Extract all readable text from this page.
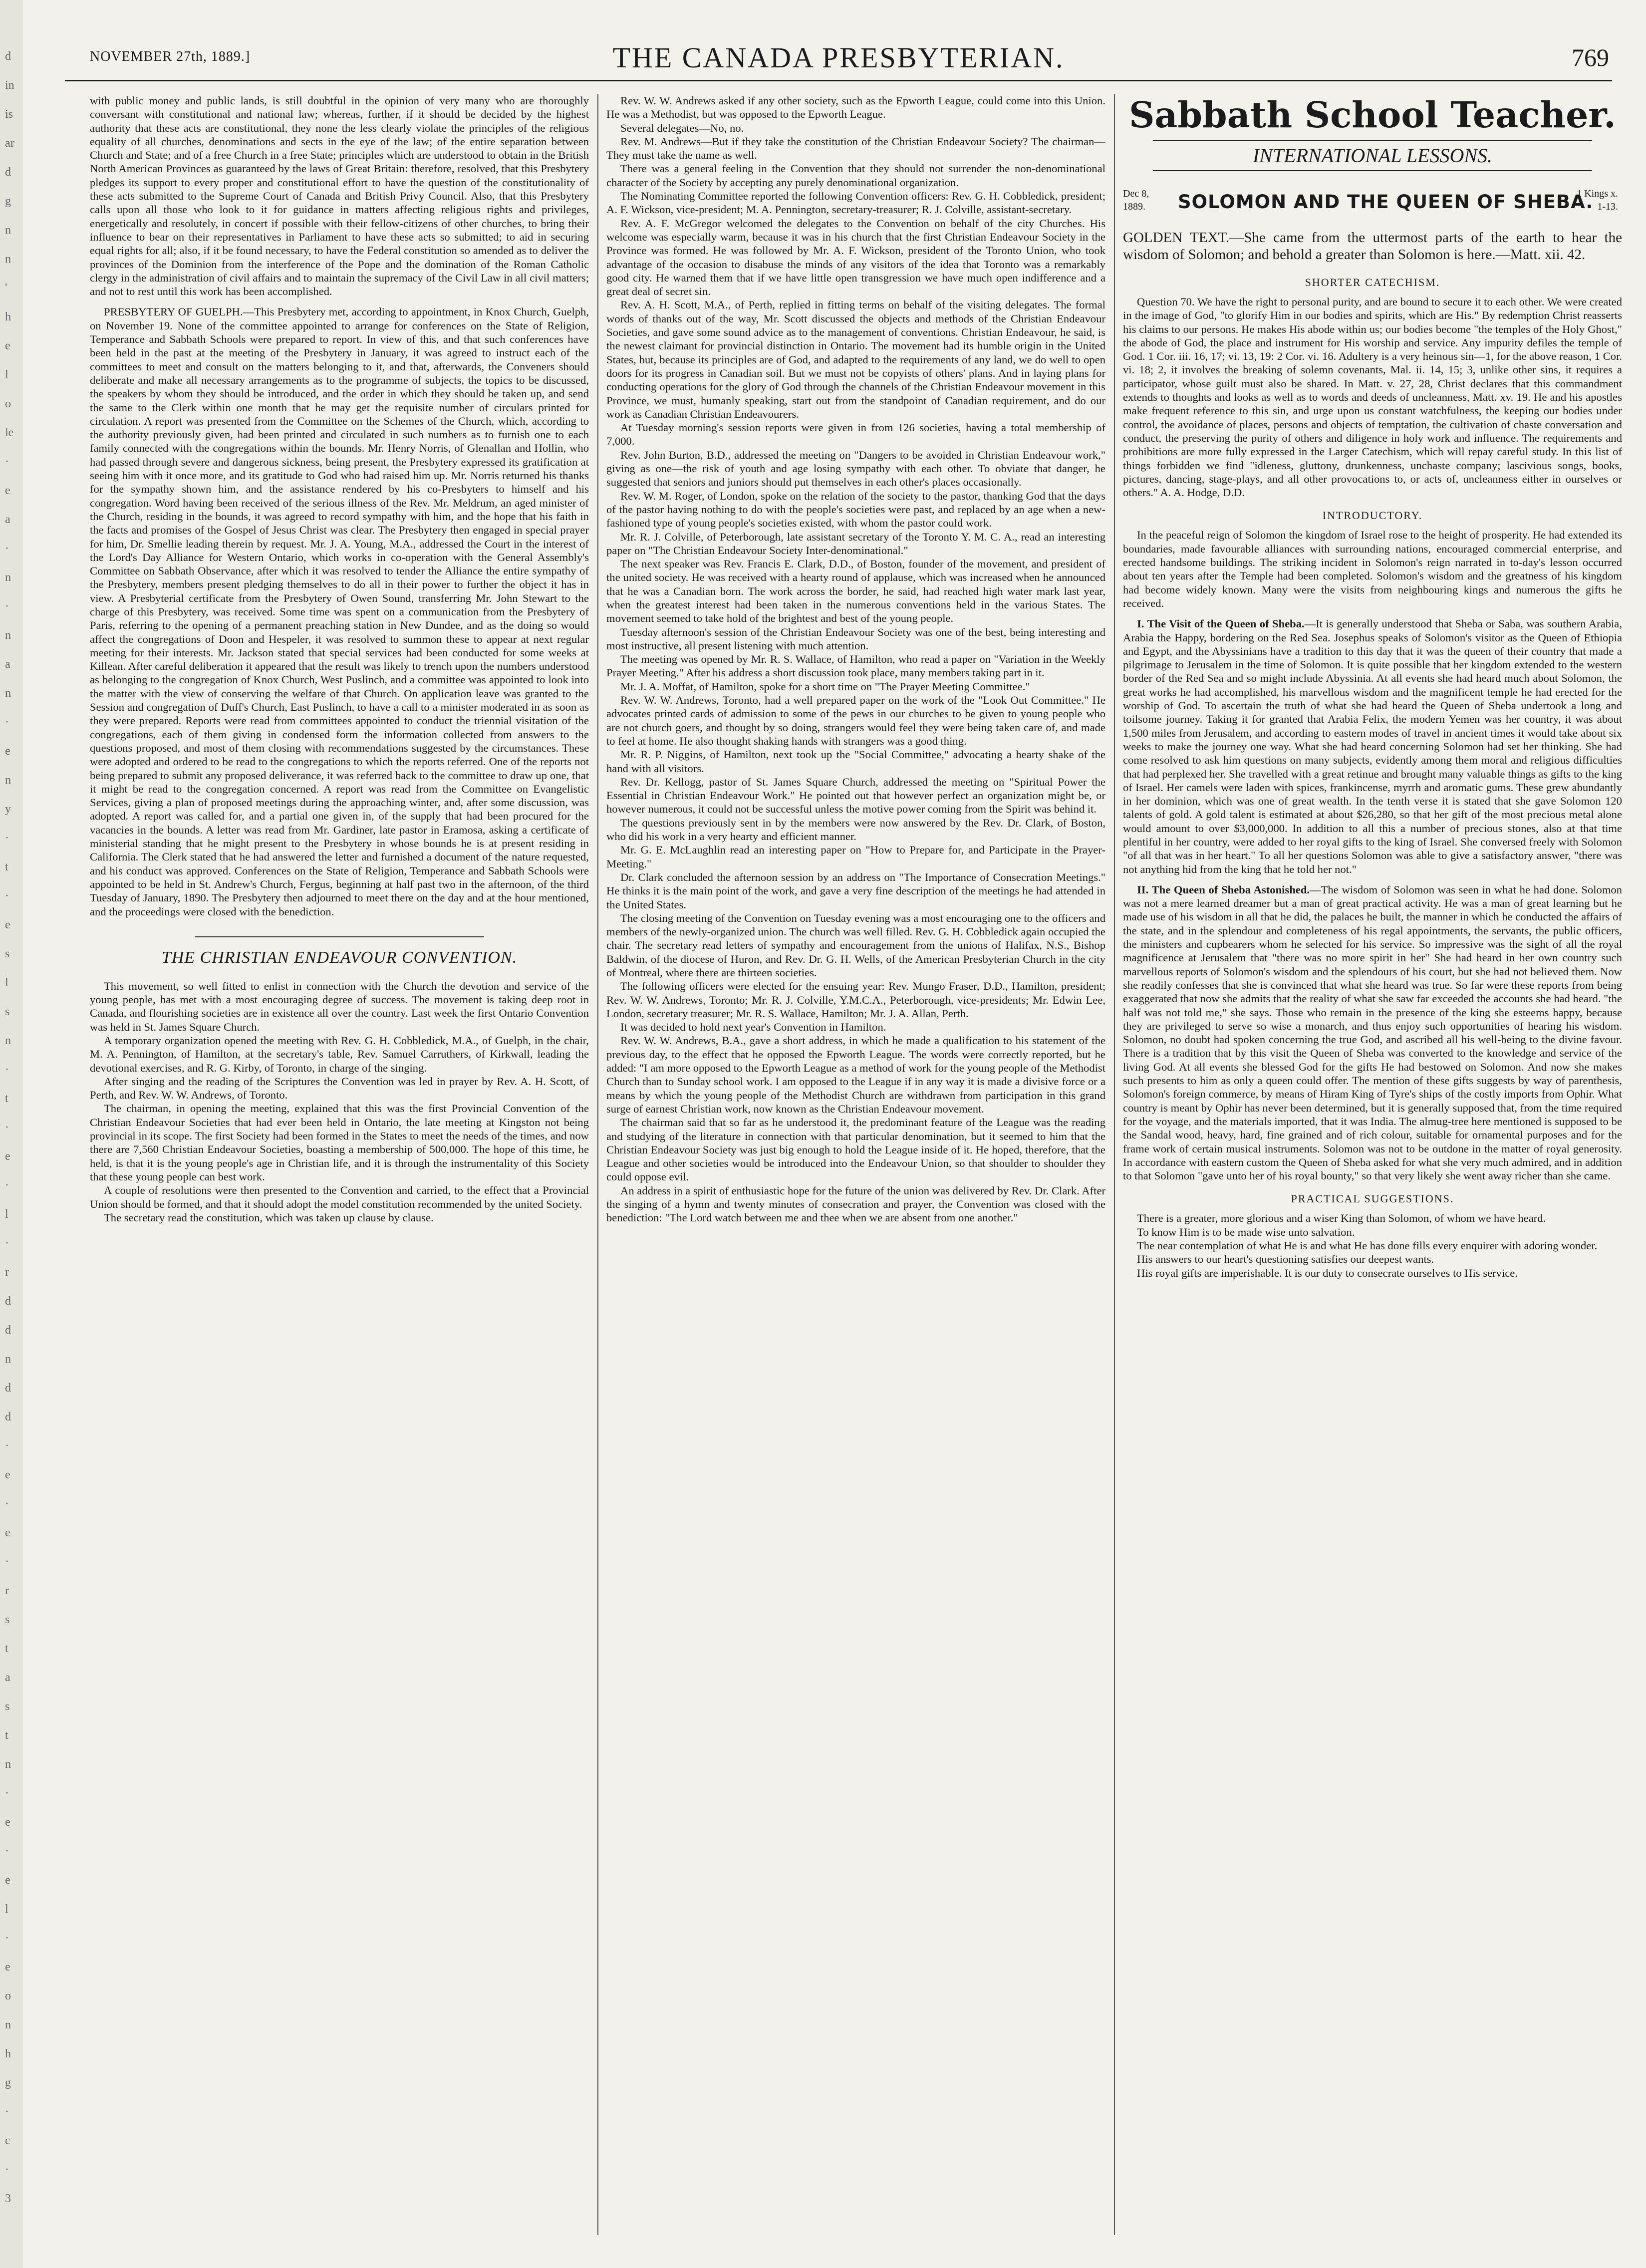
d
in
is
ar
d
g
n
n
'
h
e
l
o
le
·
e
a
·
n
·
n
a
n
·
e
n
y
·
t
·
e
s
l
s
n
·
t
·
e
·
l
·
r
d
d
n
d
d
·
e
·
e
·
r
s
t
a
s
t
n
·
e
·
e
l
·
e
o
n
h
g
·
c
·
3
NOVEMBER 27th, 1889.]	THE CANADA PRESBYTERIAN.	769

with public money and public lands, is still doubtful in the opinion of very many who are thoroughly conversant with constitutional and national law; whereas, further, if it should be decided by the highest authority that these acts are constitutional, they none the less clearly violate the principles of the religious equality of all churches, denominations and sects in the eye of the law; of the entire separation between Church and State; and of a free Church in a free State; principles which are understood to obtain in the British North American Provinces as guaranteed by the laws of Great Britain: therefore, resolved, that this Presbytery pledges its support to every proper and constitutional effort to have the question of the constitutionality of these acts submitted to the Supreme Court of Canada and British Privy Council. Also, that this Presbytery calls upon all those who look to it for guidance in matters affecting religious rights and privileges, energetically and resolutely, in concert if possible with their fellow-citizens of other churches, to bring their influence to bear on their representatives in Parliament to have these acts so submitted; to aid in securing equal rights for all; also, if it be found necessary, to have the Federal constitution so amended as to deliver the provinces of the Dominion from the interference of the Pope and the domination of the Roman Catholic clergy in the administration of civil affairs and to maintain the supremacy of the Civil Law in all civil matters; and not to rest until this work has been accomplished.

PRESBYTERY OF GUELPH.—This Presbytery met, according to appointment, in Knox Church, Guelph, on November 19. None of the committee appointed to arrange for conferences on the State of Religion, Temperance and Sabbath Schools were prepared to report. In view of this, and that such conferences have been held in the past at the meeting of the Presbytery in January, it was agreed to instruct each of the committees to meet and consult on the matters belonging to it, and that, afterwards, the Conveners should deliberate and make all necessary arrangements as to the programme of subjects, the topics to be discussed, the speakers by whom they should be introduced, and the order in which they should be taken up, and send the same to the Clerk within one month that he may get the requisite number of circulars printed for circulation. A report was presented from the Committee on the Schemes of the Church, which, according to the authority previously given, had been printed and circulated in such numbers as to furnish one to each family connected with the congregations within the bounds. Mr. Henry Norris, of Glenallan and Hollin, who had passed through severe and dangerous sickness, being present, the Presbytery expressed its gratification at seeing him with it once more, and its gratitude to God who had raised him up. Mr. Norris returned his thanks for the sympathy shown him, and the assistance rendered by his co-Presbyters to himself and his congregation. Word having been received of the serious illness of the Rev. Mr. Meldrum, an aged minister of the Church, residing in the bounds, it was agreed to record sympathy with him, and the hope that his faith in the facts and promises of the Gospel of Jesus Christ was clear. The Presbytery then engaged in special prayer for him, Dr. Smellie leading therein by request. Mr. J. A. Young, M.A., addressed the Court in the interest of the Lord's Day Alliance for Western Ontario, which works in co-operation with the General Assembly's Committee on Sabbath Observance, after which it was resolved to tender the Alliance the entire sympathy of the Presbytery, members present pledging themselves to do all in their power to further the object it has in view. A Presbyterial certificate from the Presbytery of Owen Sound, transferring Mr. John Stewart to the charge of this Presbytery, was received. Some time was spent on a communication from the Presbytery of Paris, referring to the opening of a permanent preaching station in New Dundee, and as the doing so would affect the congregations of Doon and Hespeler, it was resolved to summon these to appear at next regular meeting for their interests. Mr. Jackson stated that special services had been conducted for some weeks at Killean. After careful deliberation it appeared that the result was likely to trench upon the numbers understood as belonging to the congregation of Knox Church, West Puslinch, and a committee was appointed to look into the matter with the view of conserving the welfare of that Church. On application leave was granted to the Session and congregation of Duff's Church, East Puslinch, to have a call to a minister moderated in as soon as they were prepared. Reports were read from committees appointed to conduct the triennial visitation of the congregations, each of them giving in condensed form the information collected from answers to the questions proposed, and most of them closing with recommendations suggested by the circumstances. These were adopted and ordered to be read to the congregations to which the reports referred. One of the reports not being prepared to submit any proposed deliverance, it was referred back to the committee to draw up one, that it might be read to the congregation concerned. A report was read from the Committee on Evangelistic Services, giving a plan of proposed meetings during the approaching winter, and, after some discussion, was adopted. A report was called for, and a partial one given in, of the supply that had been procured for the vacancies in the bounds. A letter was read from Mr. Gardiner, late pastor in Eramosa, asking a certificate of ministerial standing that he might present to the Presbytery in whose bounds he is at present residing in California. The Clerk stated that he had answered the letter and furnished a document of the nature requested, and his conduct was approved. Conferences on the State of Religion, Temperance and Sabbath Schools were appointed to be held in St. Andrew's Church, Fergus, beginning at half past two in the afternoon, of the third Tuesday of January, 1890. The Presbytery then adjourned to meet there on the day and at the hour mentioned, and the proceedings were closed with the benediction.

THE CHRISTIAN ENDEAVOUR CONVENTION.

This movement, so well fitted to enlist in connection with the Church the devotion and service of the young people, has met with a most encouraging degree of success. The movement is taking deep root in Canada, and flourishing societies are in existence all over the country. Last week the first Ontario Convention was held in St. James Square Church.

A temporary organization opened the meeting with Rev. G. H. Cobbledick, M.A., of Guelph, in the chair, M. A. Pennington, of Hamilton, at the secretary's table, Rev. Samuel Carruthers, of Kirkwall, leading the devotional exercises, and R. G. Kirby, of Toronto, in charge of the singing.

After singing and the reading of the Scriptures the Convention was led in prayer by Rev. A. H. Scott, of Perth, and Rev. W. W. Andrews, of Toronto.

The chairman, in opening the meeting, explained that this was the first Provincial Convention of the Christian Endeavour Societies that had ever been held in Ontario, the late meeting at Kingston not being provincial in its scope. The first Society had been formed in the States to meet the needs of the times, and now there are 7,560 Christian Endeavour Societies, boasting a membership of 500,000. The hope of this time, he held, is that it is the young people's age in Christian life, and it is through the instrumentality of this Society that these young people can best work.

A couple of resolutions were then presented to the Convention and carried, to the effect that a Provincial Union should be formed, and that it should adopt the model constitution recommended by the united Society.

The secretary read the constitution, which was taken up clause by clause.

Rev. W. W. Andrews asked if any other society, such as the Epworth League, could come into this Union. He was a Methodist, but was opposed to the Epworth League.

Several delegates—No, no.

Rev. M. Andrews—But if they take the constitution of the Christian Endeavour Society? The chairman—They must take the name as well.

There was a general feeling in the Convention that they should not surrender the non-denominational character of the Society by accepting any purely denominational organization.

The Nominating Committee reported the following Convention officers: Rev. G. H. Cobbledick, president; A. F. Wickson, vice-president; M. A. Pennington, secretary-treasurer; R. J. Colville, assistant-secretary.

Rev. A. F. McGregor welcomed the delegates to the Convention on behalf of the city Churches. His welcome was especially warm, because it was in his church that the first Christian Endeavour Society in the Province was formed. He was followed by Mr. A. F. Wickson, president of the Toronto Union, who took advantage of the occasion to disabuse the minds of any visitors of the idea that Toronto was a remarkably good city. He warned them that if we have little open transgression we have much open indifference and a great deal of secret sin.

Rev. A. H. Scott, M.A., of Perth, replied in fitting terms on behalf of the visiting delegates. The formal words of thanks out of the way, Mr. Scott discussed the objects and methods of the Christian Endeavour Societies, and gave some sound advice as to the management of conventions. Christian Endeavour, he said, is the newest claimant for provincial distinction in Ontario. The movement had its humble origin in the United States, but, because its principles are of God, and adapted to the requirements of any land, we do well to open doors for its progress in Canadian soil. But we must not be copyists of others' plans. And in laying plans for conducting operations for the glory of God through the channels of the Christian Endeavour movement in this Province, we must, humanly speaking, start out from the standpoint of Canadian requirement, and do our work as Canadian Christian Endeavourers.

At Tuesday morning's session reports were given in from 126 societies, having a total membership of 7,000.

Rev. John Burton, B.D., addressed the meeting on "Dangers to be avoided in Christian Endeavour work," giving as one—the risk of youth and age losing sympathy with each other. To obviate that danger, he suggested that seniors and juniors should put themselves in each other's places occasionally.

Rev. W. M. Roger, of London, spoke on the relation of the society to the pastor, thanking God that the days of the pastor having nothing to do with the people's societies were past, and replaced by an age when a new-fashioned type of young people's societies existed, with whom the pastor could work.

Mr. R. J. Colville, of Peterborough, late assistant secretary of the Toronto Y. M. C. A., read an interesting paper on "The Christian Endeavour Society Inter-denominational."

The next speaker was Rev. Francis E. Clark, D.D., of Boston, founder of the movement, and president of the united society. He was received with a hearty round of applause, which was increased when he announced that he was a Canadian born. The work across the border, he said, had reached high water mark last year, when the greatest interest had been taken in the numerous conventions held in the various States. The movement seemed to take hold of the brightest and best of the young people.

Tuesday afternoon's session of the Christian Endeavour Society was one of the best, being interesting and most instructive, all present listening with much attention.

The meeting was opened by Mr. R. S. Wallace, of Hamilton, who read a paper on "Variation in the Weekly Prayer Meeting." After his address a short discussion took place, many members taking part in it.

Mr. J. A. Moffat, of Hamilton, spoke for a short time on "The Prayer Meeting Committee."

Rev. W. W. Andrews, Toronto, had a well prepared paper on the work of the "Look Out Committee." He advocates printed cards of admission to some of the pews in our churches to be given to young people who are not church goers, and thought by so doing, strangers would feel they were being taken care of, and made to feel at home. He also thought shaking hands with strangers was a good thing.

Mr. R. P. Niggins, of Hamilton, next took up the "Social Committee," advocating a hearty shake of the hand with all visitors.

Rev. Dr. Kellogg, pastor of St. James Square Church, addressed the meeting on "Spiritual Power the Essential in Christian Endeavour Work." He pointed out that however perfect an organization might be, or however numerous, it could not be successful unless the motive power coming from the Spirit was behind it.

The questions previously sent in by the members were now answered by the Rev. Dr. Clark, of Boston, who did his work in a very hearty and efficient manner.

Mr. G. E. McLaughlin read an interesting paper on "How to Prepare for, and Participate in the Prayer-Meeting."

Dr. Clark concluded the afternoon session by an address on "The Importance of Consecration Meetings." He thinks it is the main point of the work, and gave a very fine description of the meetings he had attended in the United States.

The closing meeting of the Convention on Tuesday evening was a most encouraging one to the officers and members of the newly-organized union. The church was well filled. Rev. G. H. Cobbledick again occupied the chair. The secretary read letters of sympathy and encouragement from the unions of Halifax, N.S., Bishop Baldwin, of the diocese of Huron, and Rev. Dr. G. H. Wells, of the American Presbyterian Church in the city of Montreal, where there are thirteen societies.

The following officers were elected for the ensuing year: Rev. Mungo Fraser, D.D., Hamilton, president; Rev. W. W. Andrews, Toronto; Mr. R. J. Colville, Y.M.C.A., Peterborough, vice-presidents; Mr. Edwin Lee, London, secretary treasurer; Mr. R. S. Wallace, Hamilton; Mr. J. A. Allan, Perth.

It was decided to hold next year's Convention in Hamilton.

Rev. W. W. Andrews, B.A., gave a short address, in which he made a qualification to his statement of the previous day, to the effect that he opposed the Epworth League. The words were correctly reported, but he added: "I am more opposed to the Epworth League as a method of work for the young people of the Methodist Church than to Sunday school work. I am opposed to the League if in any way it is made a divisive force or a means by which the young people of the Methodist Church are withdrawn from participation in this grand surge of earnest Christian work, now known as the Christian Endeavour movement.

The chairman said that so far as he understood it, the predominant feature of the League was the reading and studying of the literature in connection with that particular denomination, but it seemed to him that the Christian Endeavour Society was just big enough to hold the League inside of it. He hoped, therefore, that the League and other societies would be introduced into the Endeavour Union, so that shoulder to shoulder they could oppose evil.

An address in a spirit of enthusiastic hope for the future of the union was delivered by Rev. Dr. Clark. After the singing of a hymn and twenty minutes of consecration and prayer, the Convention was closed with the benediction: "The Lord watch between me and thee when we are absent from one another."

Sabbath School Teacher.
INTERNATIONAL LESSONS.
Dec 8,
1889. SOLOMON AND THE QUEEN OF SHEBA.
1 Kings x.
1-13.
GOLDEN TEXT.—She came from the uttermost parts of the earth to hear the wisdom of Solomon; and behold a greater than Solomon is here.—Matt. xii. 42.
SHORTER CATECHISM.

Question 70. We have the right to personal purity, and are bound to secure it to each other. We were created in the image of God, "to glorify Him in our bodies and spirits, which are His." By redemption Christ reasserts his claims to our persons. He makes His abode within us; our bodies become "the temples of the Holy Ghost," the abode of God, the place and instrument for His worship and service. Any impurity defiles the temple of God. 1 Cor. iii. 16, 17; vi. 13, 19: 2 Cor. vi. 16. Adultery is a very heinous sin—1, for the above reason, 1 Cor. vi. 18; 2, it involves the breaking of solemn covenants, Mal. ii. 14, 15; 3, unlike other sins, it requires a participator, whose guilt must also be shared. In Matt. v. 27, 28, Christ declares that this commandment extends to thoughts and looks as well as to words and deeds of uncleanness, Matt. xv. 19. He and his apostles make frequent reference to this sin, and urge upon us constant watchfulness, the keeping our bodies under control, the avoidance of places, persons and objects of temptation, the cultivation of chaste conversation and conduct, the preserving the purity of others and diligence in holy work and influence. The requirements and prohibitions are more fully expressed in the Larger Catechism, which will repay careful study. In this list of things forbidden we find "idleness, gluttony, drunkenness, unchaste company; lascivious songs, books, pictures, dancing, stage-plays, and all other provocations to, or acts of, uncleanness either in ourselves or others." A. A. Hodge, D.D.

INTRODUCTORY.

In the peaceful reign of Solomon the kingdom of Israel rose to the height of prosperity. He had extended its boundaries, made favourable alliances with surrounding nations, encouraged commercial enterprise, and erected handsome buildings. The striking incident in Solomon's reign narrated in to-day's lesson occurred about ten years after the Temple had been completed. Solomon's wisdom and the greatness of his kingdom had become widely known. Many were the visits from neighbouring kings and numerous the gifts he received.

I. The Visit of the Queen of Sheba.—It is generally understood that Sheba or Saba, was southern Arabia, Arabia the Happy, bordering on the Red Sea. Josephus speaks of Solomon's visitor as the Queen of Ethiopia and Egypt, and the Abyssinians have a tradition to this day that it was the queen of their country that made a pilgrimage to Jerusalem in the time of Solomon. It is quite possible that her kingdom extended to the western border of the Red Sea and so might include Abyssinia. At all events she had heard much about Solomon, the great works he had accomplished, his marvellous wisdom and the magnificent temple he had erected for the worship of God. To ascertain the truth of what she had heard the Queen of Sheba undertook a long and toilsome journey. Taking it for granted that Arabia Felix, the modern Yemen was her country, it was about 1,500 miles from Jerusalem, and according to eastern modes of travel in ancient times it would take about six weeks to make the journey one way. What she had heard concerning Solomon had set her thinking. She had come resolved to ask him questions on many subjects, evidently among them moral and religious difficulties that had perplexed her. She travelled with a great retinue and brought many valuable things as gifts to the king of Israel. Her camels were laden with spices, frankincense, myrrh and aromatic gums. These grew abundantly in her dominion, which was one of great wealth. In the tenth verse it is stated that she gave Solomon 120 talents of gold. A gold talent is estimated at about $26,280, so that her gift of the most precious metal alone would amount to over $3,000,000. In addition to all this a number of precious stones, also at that time plentiful in her country, were added to her royal gifts to the king of Israel. She conversed freely with Solomon "of all that was in her heart." To all her questions Solomon was able to give a satisfactory answer, "there was not anything hid from the king that he told her not."

II. The Queen of Sheba Astonished.—The wisdom of Solomon was seen in what he had done. Solomon was not a mere learned dreamer but a man of great practical activity. He was a man of great learning but he made use of his wisdom in all that he did, the palaces he built, the manner in which he conducted the affairs of the state, and in the splendour and completeness of his regal appointments, the servants, the public officers, the ministers and cupbearers whom he selected for his service. So impressive was the sight of all the royal magnificence at Jerusalem that "there was no more spirit in her" She had heard in her own country such marvellous reports of Solomon's wisdom and the splendours of his court, but she had not believed them. Now she readily confesses that she is convinced that what she heard was true. So far were these reports from being exaggerated that now she admits that the reality of what she saw far exceeded the accounts she had heard. "the half was not told me," she says. Those who remain in the presence of the king she esteems happy, because they are privileged to serve so wise a monarch, and thus enjoy such opportunities of hearing his wisdom. Solomon, no doubt had spoken concerning the true God, and ascribed all his well-being to the divine favour. There is a tradition that by this visit the Queen of Sheba was converted to the knowledge and service of the living God. At all events she blessed God for the gifts He had bestowed on Solomon. And now she makes such presents to him as only a queen could offer. The mention of these gifts suggests by way of parenthesis, Solomon's foreign commerce, by means of Hiram King of Tyre's ships of the costly imports from Ophir. What country is meant by Ophir has never been determined, but it is generally supposed that, from the time required for the voyage, and the materials imported, that it was India. The almug-tree here mentioned is supposed to be the Sandal wood, heavy, hard, fine grained and of rich colour, suitable for ornamental purposes and for the frame work of certain musical instruments. Solomon was not to be outdone in the matter of royal generosity. In accordance with eastern custom the Queen of Sheba asked for what she very much admired, and in addition to that Solomon "gave unto her of his royal bounty," so that very likely she went away richer than she came.

PRACTICAL SUGGESTIONS.

There is a greater, more glorious and a wiser King than Solomon, of whom we have heard.

To know Him is to be made wise unto salvation.

The near contemplation of what He is and what He has done fills every enquirer with adoring wonder.

His answers to our heart's questioning satisfies our deepest wants.

His royal gifts are imperishable. It is our duty to consecrate ourselves to His service.
